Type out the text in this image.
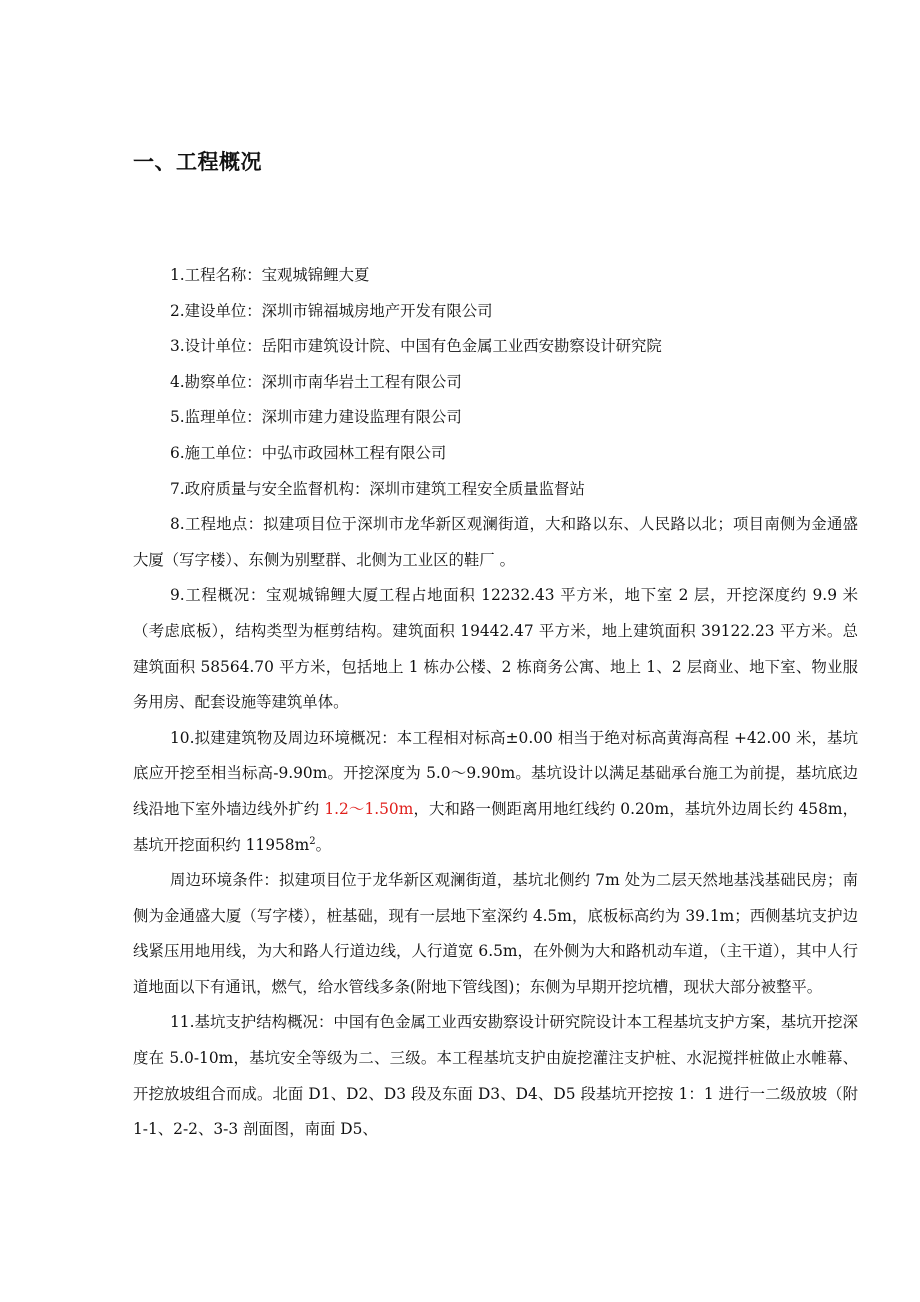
一、工程概况

1.工程名称：宝观城锦鲤大夏

2.建设单位：深圳市锦福城房地产开发有限公司

3.设计单位：岳阳市建筑设计院、中国有色金属工业西安勘察设计研究院

4.勘察单位：深圳市南华岩土工程有限公司

5.监理单位：深圳市建力建设监理有限公司

6.施工单位：中弘市政园林工程有限公司

7.政府质量与安全监督机构：深圳市建筑工程安全质量监督站

8.工程地点：拟建项目位于深圳市龙华新区观澜街道，大和路以东、人民路以北；项目南侧为金通盛大厦（写字楼）、东侧为别墅群、北侧为工业区的鞋厂 。

9.工程概况：宝观城锦鲤大厦工程占地面积 12232.43 平方米，地下室 2 层，开挖深度约 9.9 米（考虑底板），结构类型为框剪结构。建筑面积 19442.47 平方米，地上建筑面积 39122.23 平方米。总建筑面积 58564.70 平方米，包括地上 1 栋办公楼、2 栋商务公寓、地上 1、2 层商业、地下室、物业服务用房、配套设施等建筑单体。

10.拟建建筑物及周边环境概况：本工程相对标高±0.00 相当于绝对标高黄海高程 +42.00 米，基坑底应开挖至相当标高-9.90m。开挖深度为 5.0～9.90m。基坑设计以满足基础承台施工为前提，基坑底边线沿地下室外墙边线外扩约 1.2～1.50m，大和路一侧距离用地红线约 0.20m，基坑外边周长约 458m，基坑开挖面积约 $11958m^2$。

周边环境条件：拟建项目位于龙华新区观澜街道，基坑北侧约 7m 处为二层天然地基浅基础民房；南侧为金通盛大厦（写字楼），桩基础，现有一层地下室深约 4.5m，底板标高约为 39.1m；西侧基坑支护边线紧压用地用线，为大和路人行道边线，人行道宽 6.5m，在外侧为大和路机动车道，（主干道），其中人行道地面以下有通讯，燃气，给水管线多条(附地下管线图)；东侧为早期开挖坑槽，现状大部分被整平。

11.基坑支护结构概况：中国有色金属工业西安勘察设计研究院设计本工程基坑支护方案，基坑开挖深度在 5.0-10m，基坑安全等级为二、三级。本工程基坑支护由旋挖灌注支护桩、水泥搅拌桩做止水帷幕、开挖放坡组合而成。北面 D1、D2、D3 段及东面 D3、D4、D5 段基坑开挖按 1：1 进行一二级放坡（附 1-1、2-2、3-3 剖面图，南面 D5、
